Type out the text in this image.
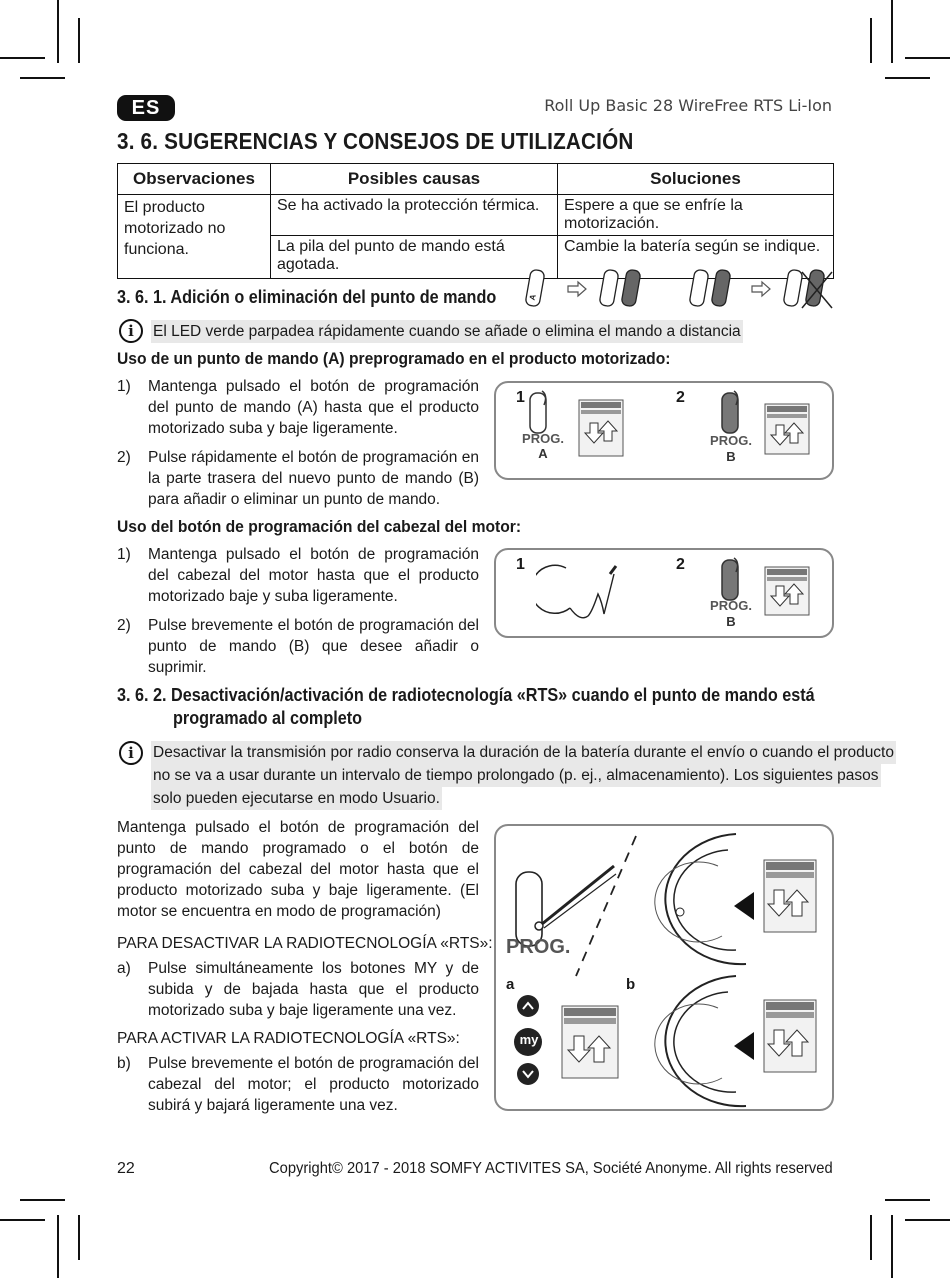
ES	Roll Up Basic 28 WireFree RTS Li-Ion
3. 6. SUGERENCIAS Y CONSEJOS DE UTILIZACIÓN
Observaciones	Posibles causas	Soluciones
El producto motorizado no funciona.	Se ha activado la protección térmica.	Espere a que se enfríe la motorización.
	La pila del punto de mando está agotada.	Cambie la batería según se indique.
3. 6. 1. Adición o eliminación del punto de mando	A
i	El LED verde parpadea rápidamente cuando se añade o elimina el mando a distancia
Uso de un punto de mando (A) preprogramado en el producto motorizado:
1) Mantenga pulsado el botón de programación del punto de mando (A) hasta que el producto motorizado suba y baje ligeramente.
2) Pulse rápidamente el botón de programación en la parte trasera del nuevo punto de mando (B) para añadir o eliminar un punto de mando.
1
PROG.
A
2
PROG.
B
Uso del botón de programación del cabezal del motor:
1) Mantenga pulsado el botón de programación del cabezal del motor hasta que el producto motorizado baje y suba ligeramente.
2) Pulse brevemente el botón de programación del punto de mando (B) que desee añadir o suprimir.
1	2
PROG.
B
3. 6. 2. Desactivación/activación de radiotecnología «RTS» cuando el punto de mando está
programado al completo
i	Desactivar la transmisión por radio conserva la duración de la batería durante el envío o cuando el producto
no se va a usar durante un intervalo de tiempo prolongado (p. ej., almacenamiento). Los siguientes pasos
solo pueden ejecutarse en modo Usuario.
Mantenga pulsado el botón de programación del punto de mando programado o el botón de programación del cabezal del motor hasta que el producto motorizado suba y baje ligeramente. (El motor se encuentra en modo de programación)
PARA DESACTIVAR LA RADIOTECNOLOGÍA «RTS»:
a) Pulse simultáneamente los botones MY y de subida y de bajada hasta que el producto motorizado suba y baje ligeramente una vez.
PARA ACTIVAR LA RADIOTECNOLOGÍA «RTS»:
b) Pulse brevemente el botón de programación del cabezal del motor; el producto motorizado subirá y bajará ligeramente una vez.
PROG.
a	b
my
22	Copyright© 2017 - 2018 SOMFY ACTIVITES SA, Société Anonyme. All rights reserved
